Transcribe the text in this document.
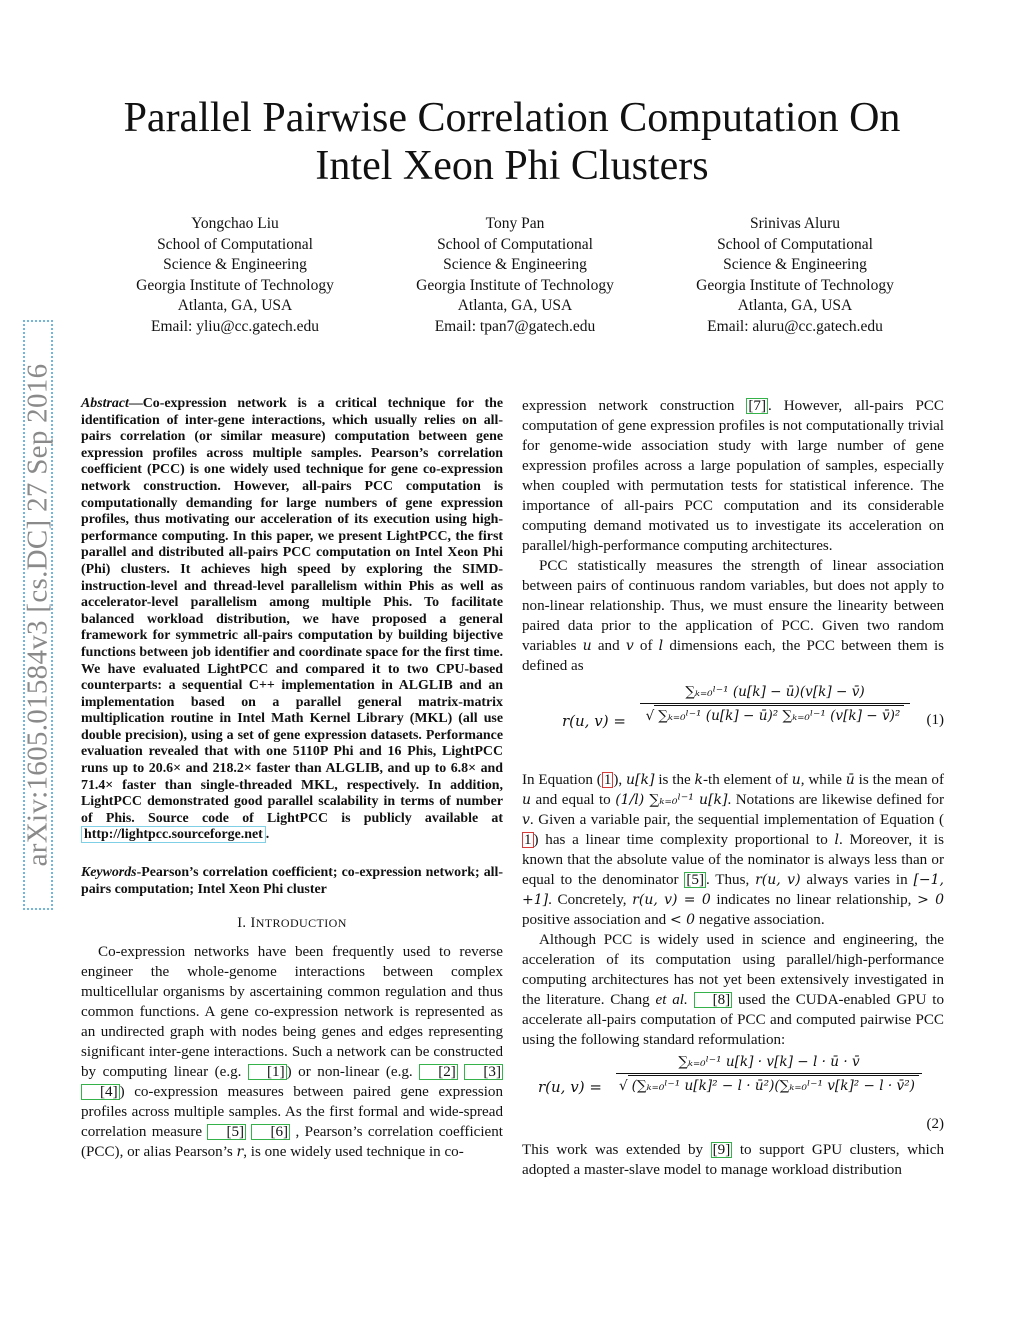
arXiv:1605.01584v3 [cs.DC] 27 Sep 2016
Parallel Pairwise Correlation Computation On Intel Xeon Phi Clusters
Yongchao Liu
School of Computational
Science & Engineering
Georgia Institute of Technology
Atlanta, GA, USA
Email: yliu@cc.gatech.edu
Tony Pan
School of Computational
Science & Engineering
Georgia Institute of Technology
Atlanta, GA, USA
Email: tpan7@gatech.edu
Srinivas Aluru
School of Computational
Science & Engineering
Georgia Institute of Technology
Atlanta, GA, USA
Email: aluru@cc.gatech.edu

Abstract—Co-expression network is a critical technique for the identification of inter-gene interactions, which usually relies on all-pairs correlation (or similar measure) computation between gene expression profiles across multiple samples. Pearson’s correlation coefficient (PCC) is one widely used technique for gene co-expression network construction. However, all-pairs PCC computation is computationally demanding for large numbers of gene expression profiles, thus motivating our acceleration of its execution using high-performance computing. In this paper, we present LightPCC, the first parallel and distributed all-pairs PCC computation on Intel Xeon Phi (Phi) clusters. It achieves high speed by exploring the SIMD-instruction-level and thread-level parallelism within Phis as well as accelerator-level parallelism among multiple Phis. To facilitate balanced workload distribution, we have proposed a general framework for symmetric all-pairs computation by building bijective functions between job identifier and coordinate space for the first time. We have evaluated LightPCC and compared it to two CPU-based counterparts: a sequential C++ implementation in ALGLIB and an implementation based on a parallel general matrix-matrix multiplication routine in Intel Math Kernel Library (MKL) (all use double precision), using a set of gene expression datasets. Performance evaluation revealed that with one 5110P Phi and 16 Phis, LightPCC runs up to 20.6× and 218.2× faster than ALGLIB, and up to 6.8× and 71.4× faster than single-threaded MKL, respectively. In addition, LightPCC demonstrated good parallel scalability in terms of number of Phis. Source code of LightPCC is publicly available at http://lightpcc.sourceforge.net .

Keywords-Pearson’s correlation coefficient; co-expression network; all-pairs computation; Intel Xeon Phi cluster

I. INTRODUCTION

Co-expression networks have been frequently used to reverse engineer the whole-genome interactions between complex multicellular organisms by ascertaining common regulation and thus common functions. A gene co-expression network is represented as an undirected graph with nodes being genes and edges representing significant inter-gene interactions. Such a network can be constructed by computing linear (e.g. [1] ) or non-linear (e.g. [2] [3] [4] ) co-expression measures between paired gene expression profiles across multiple samples. As the first formal and wide-spread correlation measure [5] [6] , Pearson’s correlation coefficient (PCC), or alias Pearson’s r, is one widely used technique in co-

expression network construction [7] . However, all-pairs PCC computation of gene expression profiles is not computationally trivial for genome-wide association study with large number of gene expression profiles across a large population of samples, especially when coupled with permutation tests for statistical inference. The importance of all-pairs PCC computation and its considerable computing demand motivated us to investigate its acceleration on parallel/high-performance computing architectures.

PCC statistically measures the strength of linear association between pairs of continuous random variables, but does not apply to non-linear relationship. Thus, we must ensure the linearity between paired data prior to the application of PCC. Given two random variables u and v of l dimensions each, the PCC between them is defined as

r(u, v) =
∑ₖ₌₀ˡ⁻¹ (u[k] − ū)(v[k] − v̄)
√ ∑ₖ₌₀ˡ⁻¹ (u[k] − ū)² ∑ₖ₌₀ˡ⁻¹ (v[k] − v̄)²	(1)

In Equation ( 1 ), u[k] is the k-th element of u, while ū is the mean of u and equal to (1/l) ∑ₖ₌₀ˡ⁻¹ u[k]. Notations are likewise defined for v. Given a variable pair, the sequential implementation of Equation (1 ) has a linear time complexity proportional to l. Moreover, it is known that the absolute value of the nominator is always less than or equal to the denominator [5] . Thus, r(u, v) always varies in [−1, +1]. Concretely, r(u, v) = 0 indicates no linear relationship, > 0 positive association and < 0 negative association.

Although PCC is widely used in science and engineering, the acceleration of its computation using parallel/high-performance computing architectures has not yet been extensively investigated in the literature. Chang et al. [8] used the CUDA-enabled GPU to accelerate all-pairs computation of PCC and computed pairwise PCC using the following standard reformulation:

r(u, v) =
∑ₖ₌₀ˡ⁻¹ u[k] · v[k] − l · ū · v̄
√ (∑ₖ₌₀ˡ⁻¹ u[k]² − l · ū²)(∑ₖ₌₀ˡ⁻¹ v[k]² − l · v̄²)
(2)

This work was extended by [9] to support GPU clusters, which adopted a master-slave model to manage workload distribution
